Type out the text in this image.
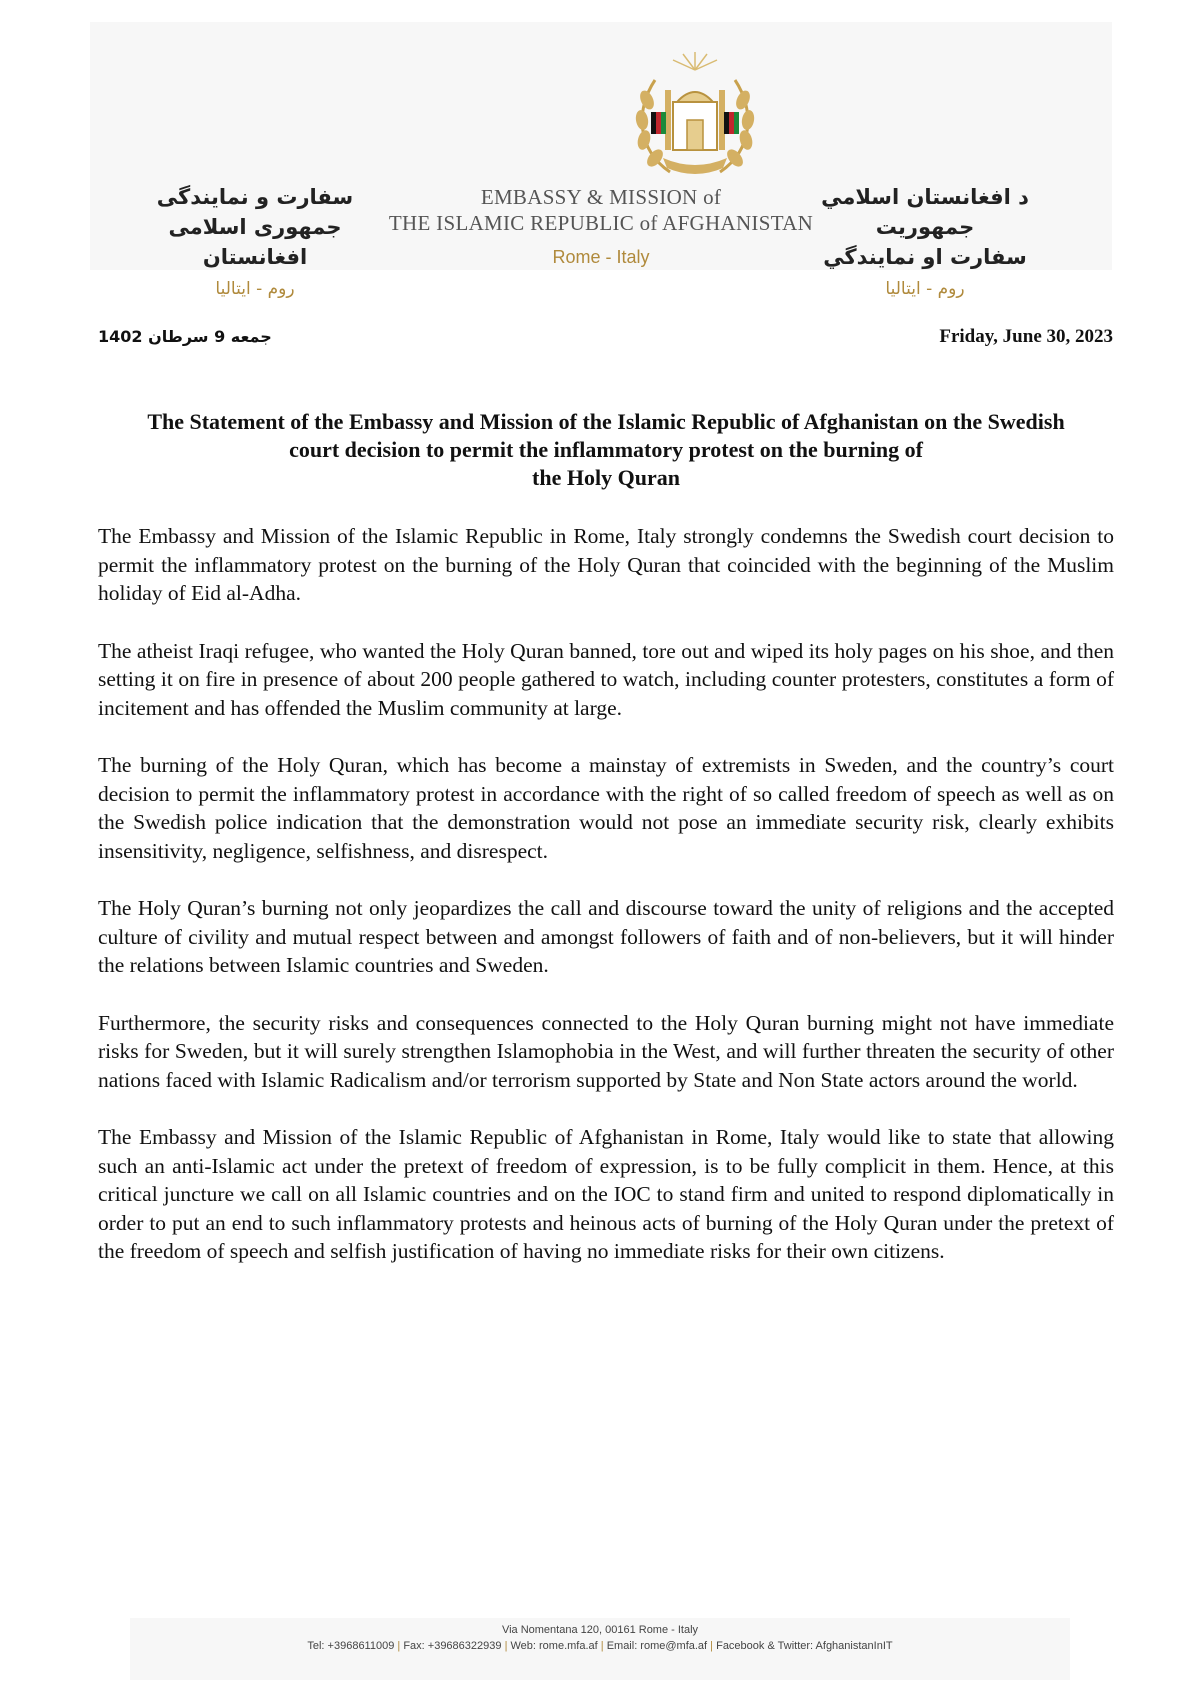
سفارت و نمایندگی
جمهوری اسلامی افغانستان
روم - ایتالیا
EMBASSY & MISSION of
THE ISLAMIC REPUBLIC of AFGHANISTAN
Rome - Italy
د افغانستان اسلامي جمهوریت
سفارت او نمایندگي
روم - ایتالیا
جمعه 9 سرطان 1402	Friday, June 30, 2023
The Statement of the Embassy and Mission of the Islamic Republic of Afghanistan on the Swedish
court decision to permit the inflammatory protest on the burning of
the Holy Quran

The Embassy and Mission of the Islamic Republic in Rome, Italy strongly condemns the Swedish court decision to permit the inflammatory protest on the burning of the Holy Quran that coincided with the beginning of the Muslim holiday of Eid al-Adha.

The atheist Iraqi refugee, who wanted the Holy Quran banned, tore out and wiped its holy pages on his shoe, and then setting it on fire in presence of about 200 people gathered to watch, including counter protesters, constitutes a form of incitement and has offended the Muslim community at large.

The burning of the Holy Quran, which has become a mainstay of extremists in Sweden, and the country’s court decision to permit the inflammatory protest in accordance with the right of so called freedom of speech as well as on the Swedish police indication that the demonstration would not pose an immediate security risk, clearly exhibits insensitivity, negligence, selfishness, and disrespect.

The Holy Quran’s burning not only jeopardizes the call and discourse toward the unity of religions and the accepted culture of civility and mutual respect between and amongst followers of faith and of non-believers, but it will hinder the relations between Islamic countries and Sweden.

Furthermore, the security risks and consequences connected to the Holy Quran burning might not have immediate risks for Sweden, but it will surely strengthen Islamophobia in the West, and will further threaten the security of other nations faced with Islamic Radicalism and/or terrorism supported by State and Non State actors around the world.

The Embassy and Mission of the Islamic Republic of Afghanistan in Rome, Italy would like to state that allowing such an anti-Islamic act under the pretext of freedom of expression, is to be fully complicit in them. Hence, at this critical juncture we call on all Islamic countries and on the IOC to stand firm and united to respond diplomatically in order to put an end to such inflammatory protests and heinous acts of burning of the Holy Quran under the pretext of the freedom of speech and selfish justification of having no immediate risks for their own citizens.

Via Nomentana 120, 00161 Rome - Italy
Tel: +3968611009 | Fax: +39686322939 | Web: rome.mfa.af | Email: rome@mfa.af | Facebook & Twitter: AfghanistanInIT
